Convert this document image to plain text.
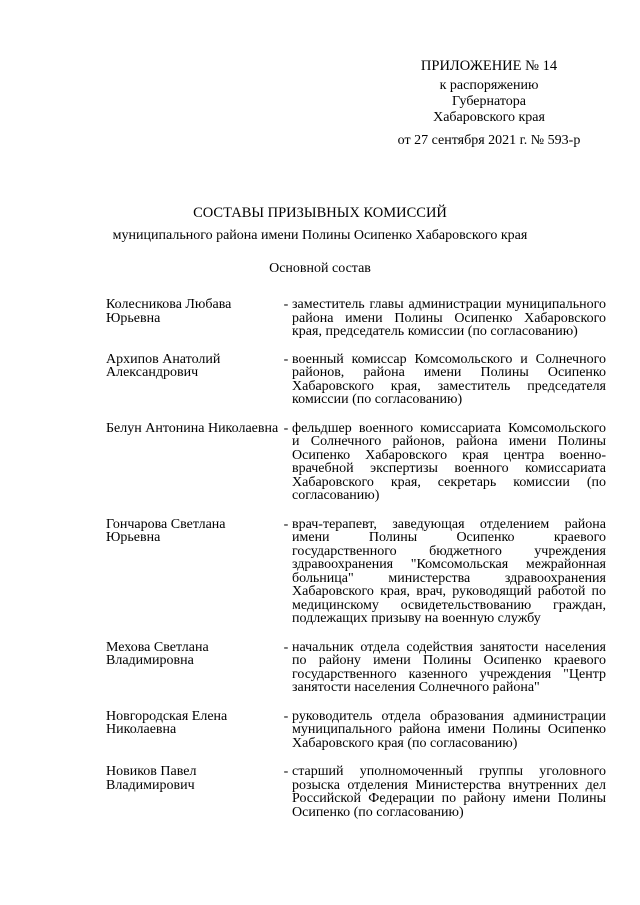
ПРИЛОЖЕНИЕ № 14
к распоряжению
Губернатора
Хабаровского края
от 27 сентября 2021 г. № 593-р
СОСТАВЫ ПРИЗЫВНЫХ КОМИССИЙ
муниципального района имени Полины Осипенко Хабаровского края
Основной состав
Колесникова Любава Юрьевна
- заместитель главы администрации муниципального района имени Полины Осипенко Хабаровского края, председатель комиссии (по согласованию)
Архипов Анатолий Александрович
- военный комиссар Комсомольского и Солнечного районов, района имени Полины Осипенко Хабаровского края, заместитель председателя комиссии (по согласованию)
Белун Антонина Николаевна - фельдшер военного комиссариата Комсомольского и Солнечного районов, района имени Полины Осипенко Хабаровского края центра военно-врачебной экспертизы военного комиссариата Хабаровского края, секретарь комиссии (по согласованию)
Гончарова Светлана Юрьевна
- врач-терапевт, заведующая отделением района имени Полины Осипенко краевого государственного бюджетного учреждения здравоохранения "Комсомольская межрайонная больница" министерства здравоохранения Хабаровского края, врач, руководящий работой по медицинскому освидетельствованию граждан, подлежащих призыву на военную службу
Мехова Светлана Владимировна
- начальник отдела содействия занятости населения по району имени Полины Осипенко краевого государственного казенного учреждения "Центр занятости населения Солнечного района"
Новгородская Елена Николаевна
- руководитель отдела образования администрации муниципального района имени Полины Осипенко Хабаровского края (по согласованию)
Новиков Павел Владимирович
- старший уполномоченный группы уголовного розыска отделения Министерства внутренних дел Российской Федерации по району имени Полины Осипенко (по согласованию)
